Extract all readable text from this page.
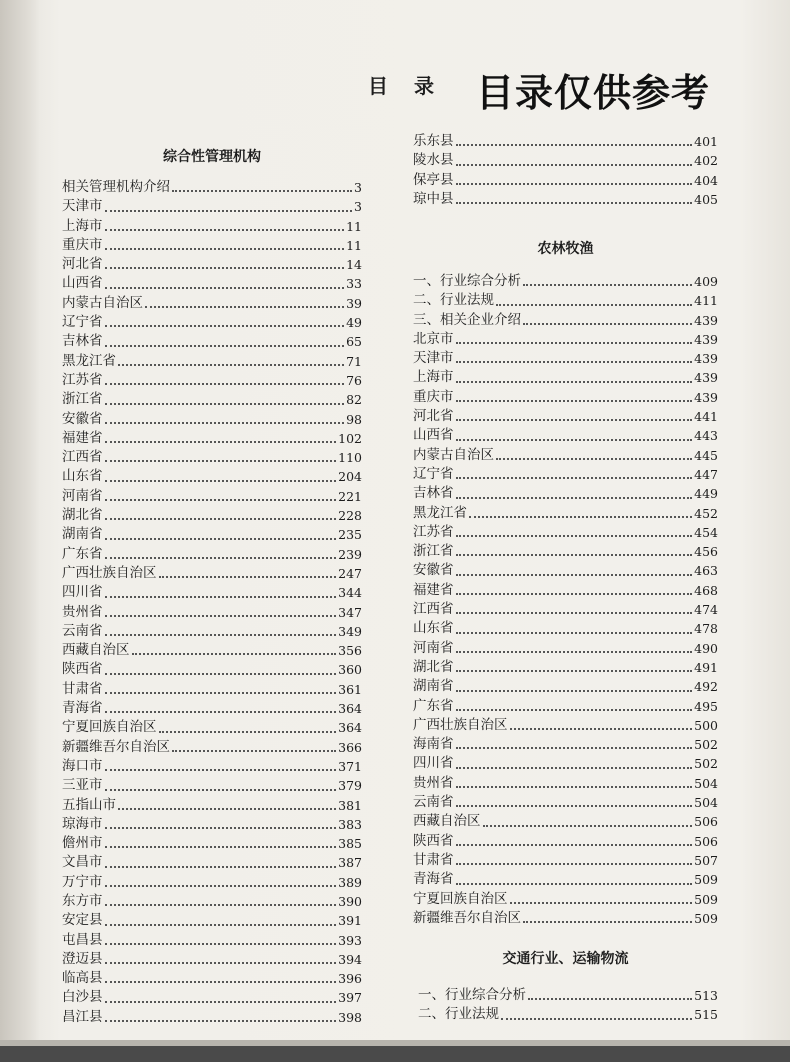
目 录	目录仅供参考
综合性管理机构
相关管理机构介绍	3
天津市	3
上海市	11
重庆市	11
河北省	14
山西省	33
内蒙古自治区	39
辽宁省	49
吉林省	65
黑龙江省	71
江苏省	76
浙江省	82
安徽省	98
福建省	102
江西省	110
山东省	204
河南省	221
湖北省	228
湖南省	235
广东省	239
广西壮族自治区	247
四川省	344
贵州省	347
云南省	349
西藏自治区	356
陕西省	360
甘肃省	361
青海省	364
宁夏回族自治区	364
新疆维吾尔自治区	366
海口市	371
三亚市	379
五指山市	381
琼海市	383
儋州市	385
文昌市	387
万宁市	389
东方市	390
安定县	391
屯昌县	393
澄迈县	394
临高县	396
白沙县	397
昌江县	398
乐东县	401
陵水县	402
保亭县	404
琼中县	405
农林牧渔
一、行业综合分析	409
二、行业法规	411
三、相关企业介绍	439
北京市	439
天津市	439
上海市	439
重庆市	439
河北省	441
山西省	443
内蒙古自治区	445
辽宁省	447
吉林省	449
黑龙江省	452
江苏省	454
浙江省	456
安徽省	463
福建省	468
江西省	474
山东省	478
河南省	490
湖北省	491
湖南省	492
广东省	495
广西壮族自治区	500
海南省	502
四川省	502
贵州省	504
云南省	504
西藏自治区	506
陕西省	506
甘肃省	507
青海省	509
宁夏回族自治区	509
新疆维吾尔自治区	509
交通行业、运输物流
一、行业综合分析	513
二、行业法规	515
